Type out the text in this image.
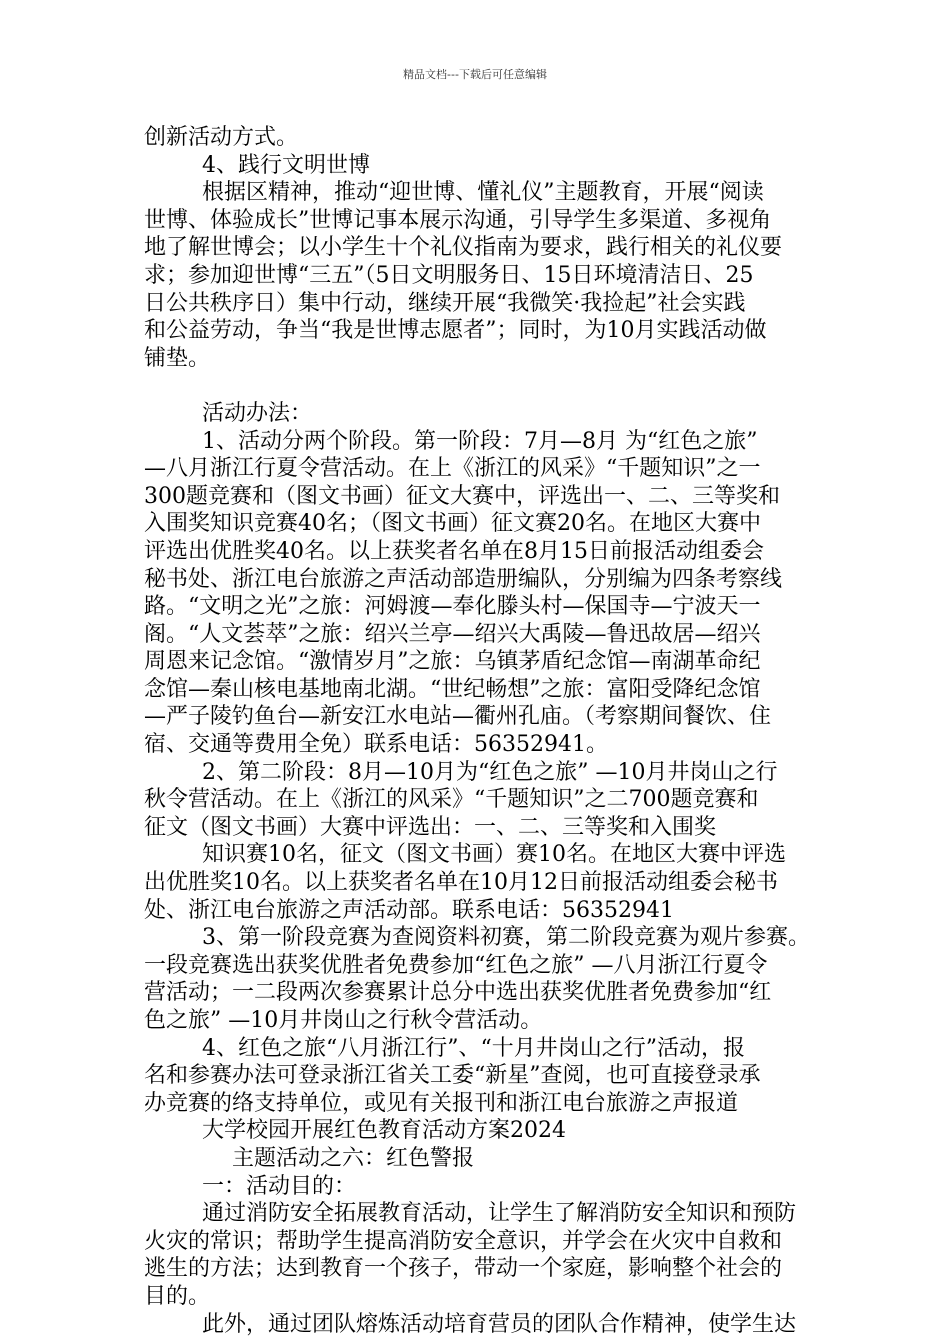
精品文档---下载后可任意编辑
创新活动方式。
4、践行文明世博
根据区精神，推动“迎世博、懂礼仪”主题教育，开展“阅读
世博、体验成长”世博记事本展示沟通，引导学生多渠道、多视角
地了解世博会；以小学生十个礼仪指南为要求，践行相关的礼仪要
求；参加迎世博“三五”（5日文明服务日、15日环境清洁日、25
日公共秩序日）集中行动，继续开展“我微笑·我捡起”社会实践
和公益劳动，争当“我是世博志愿者”；同时，为10月实践活动做
铺垫。
活动办法：
1、活动分两个阶段。第一阶段：7月—8月 为“红色之旅”
—八月浙江行夏令营活动。在上《浙江的风采》“千题知识”之一
300题竞赛和（图文书画）征文大赛中，评选出一、二、三等奖和
入围奖知识竞赛40名；（图文书画）征文赛20名。在地区大赛中
评选出优胜奖40名。以上获奖者名单在8月15日前报活动组委会
秘书处、浙江电台旅游之声活动部造册编队，分别编为四条考察线
路。“文明之光”之旅：河姆渡—奉化滕头村—保国寺—宁波天一
阁。“人文荟萃”之旅：绍兴兰亭—绍兴大禹陵—鲁迅故居—绍兴
周恩来记念馆。“激情岁月”之旅：乌镇茅盾纪念馆—南湖革命纪
念馆—秦山核电基地南北湖。“世纪畅想”之旅：富阳受降纪念馆
—严子陵钓鱼台—新安江水电站—衢州孔庙。（考察期间餐饮、住
宿、交通等费用全免）联系电话：56352941。
2、第二阶段：8月—10月为“红色之旅” —10月井岗山之行
秋令营活动。在上《浙江的风采》“千题知识”之二700题竞赛和
征文（图文书画）大赛中评选出：一、二、三等奖和入围奖
知识赛10名，征文（图文书画）赛10名。在地区大赛中评选
出优胜奖10名。以上获奖者名单在10月12日前报活动组委会秘书
处、浙江电台旅游之声活动部。联系电话：56352941
3、第一阶段竞赛为查阅资料初赛，第二阶段竞赛为观片参赛。
一段竞赛选出获奖优胜者免费参加“红色之旅” —八月浙江行夏令
营活动；一二段两次参赛累计总分中选出获奖优胜者免费参加“红
色之旅” —10月井岗山之行秋令营活动。
4、红色之旅“八月浙江行”、“十月井岗山之行”活动，报
名和参赛办法可登录浙江省关工委“新星”查阅，也可直接登录承
办竞赛的络支持单位，或见有关报刊和浙江电台旅游之声报道
大学校园开展红色教育活动方案2024
主题活动之六：红色警报
一：活动目的：
通过消防安全拓展教育活动，让学生了解消防安全知识和预防
火灾的常识；帮助学生提高消防安全意识，并学会在火灾中自救和
逃生的方法；达到教育一个孩子，带动一个家庭，影响整个社会的
目的。
此外，通过团队熔炼活动培育营员的团队合作精神，使学生达
